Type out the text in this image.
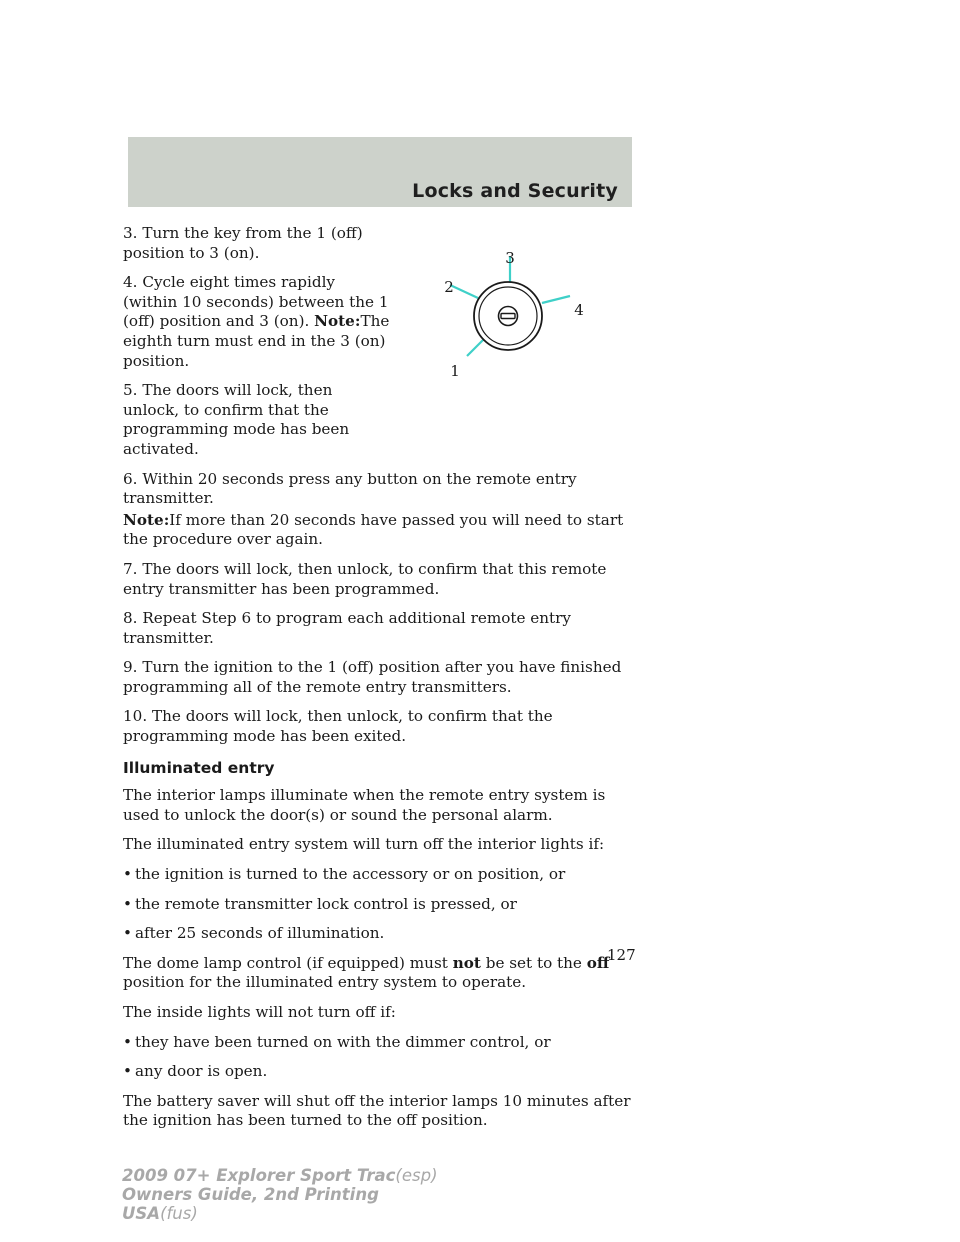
Locks and Security

3. Turn the key from the 1 (off) position to 3 (on).

4. Cycle eight times rapidly (within 10 seconds) between the 1 (off) position and 3 (on). Note:The eighth turn must end in the 3 (on) position.

5. The doors will lock, then unlock, to confirm that the programming mode has been activated.

6. Within 20 seconds press any button on the remote entry transmitter.

Note:If more than 20 seconds have passed you will need to start the procedure over again.

7. The doors will lock, then unlock, to confirm that this remote entry transmitter has been programmed.

8. Repeat Step 6 to program each additional remote entry transmitter.

9. Turn the ignition to the 1 (off) position after you have finished programming all of the remote entry transmitters.

10. The doors will lock, then unlock, to confirm that the programming mode has been exited.

Illuminated entry

The interior lamps illuminate when the remote entry system is used to unlock the door(s) or sound the personal alarm.

The illuminated entry system will turn off the interior lights if:

• the ignition is turned to the accessory or on position, or
• the remote transmitter lock control is pressed, or
• after 25 seconds of illumination.

The dome lamp control (if equipped) must not be set to the off position for the illuminated entry system to operate.

The inside lights will not turn off if:

• they have been turned on with the dimmer control, or
• any door is open.

The battery saver will shut off the interior lamps 10 minutes after the ignition has been turned to the off position.

3
2
4
1
127
2009 07+ Explorer Sport Trac(esp)
Owners Guide, 2nd Printing
USA(fus)
